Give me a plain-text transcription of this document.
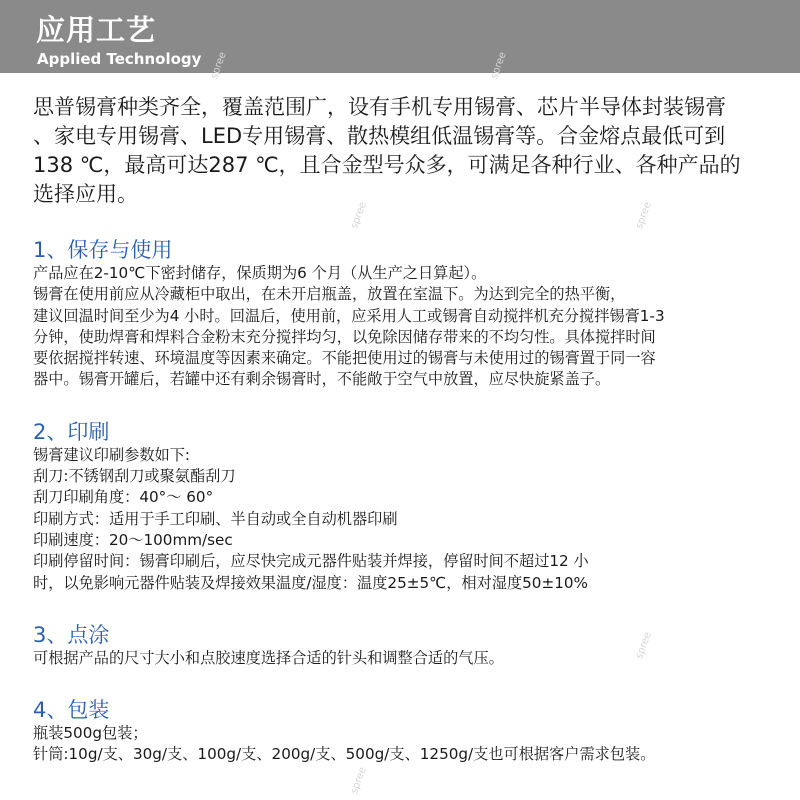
应用工艺
Applied Technology
思普锡膏种类齐全，覆盖范围广，设有手机专用锡膏、芯片半导体封装锡膏
、家电专用锡膏、LED专用锡膏、散热模组低温锡膏等。合金熔点最低可到
138 ℃，最高可达287 ℃，且合金型号众多，可满足各种行业、各种产品的
选择应用。
1、保存与使用
产品应在2-10℃下密封储存，保质期为6 个月（从生产之日算起）。
锡膏在使用前应从冷藏柜中取出，在未开启瓶盖，放置在室温下。为达到完全的热平衡，
建议回温时间至少为4 小时。回温后，使用前，应采用人工或锡膏自动搅拌机充分搅拌锡膏1-3
分钟，使助焊膏和焊料合金粉末充分搅拌均匀，以免除因储存带来的不均匀性。具体搅拌时间
要依据搅拌转速、环境温度等因素来确定。不能把使用过的锡膏与未使用过的锡膏置于同一容
器中。锡膏开罐后，若罐中还有剩余锡膏时，不能敞于空气中放置，应尽快旋紧盖子。
2、印刷
锡膏建议印刷参数如下:
刮刀:不锈钢刮刀或聚氨酯刮刀
刮刀印刷角度：40°～ 60°
印刷方式：适用于手工印刷、半自动或全自动机器印刷
印刷速度：20～100mm/sec
印刷停留时间：锡膏印刷后，应尽快完成元器件贴装并焊接，停留时间不超过12 小
时，以免影响元器件贴装及焊接效果温度/湿度：温度25±5℃，相对湿度50±10%
3、点涂
可根据产品的尺寸大小和点胶速度选择合适的针头和调整合适的气压。
4、包装
瓶装500g包装；
针筒:10g/支、30g/支、100g/支、200g/支、500g/支、1250g/支也可根据客户需求包装。
spree	spree
spree	spree
spree
spree
